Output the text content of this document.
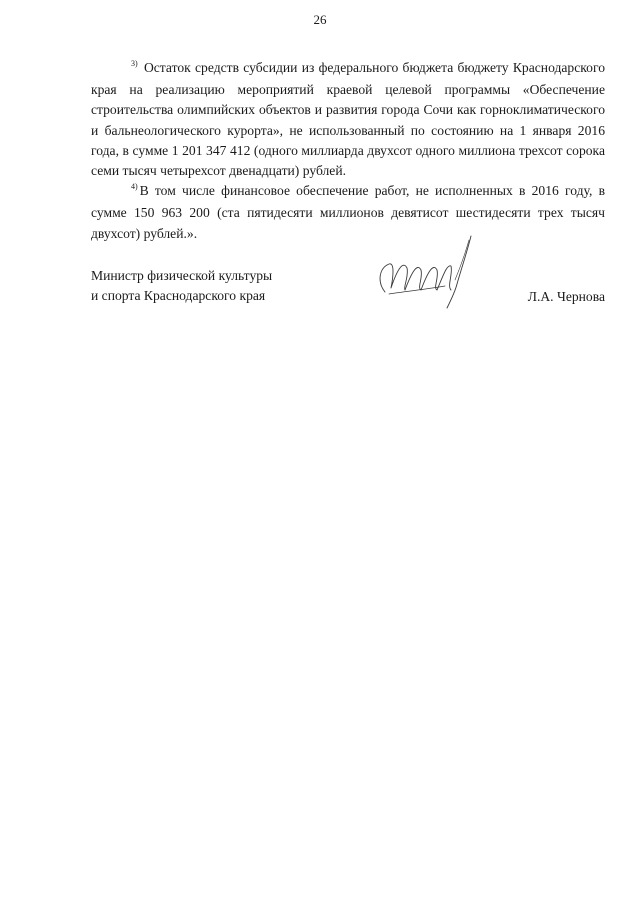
26

$^{3)}$ Остаток средств субсидии из федерального бюджета бюджету Краснодарского края на реализацию мероприятий краевой целевой программы «Обеспечение строительства олимпийских объектов и развития города Сочи как горноклиматического и бальнеологического курорта», не использованный по состоянию на 1 января 2016 года, в сумме 1 201 347 412 (одного миллиарда двухсот одного миллиона трехсот сорока семи тысяч четырехсот двенадцати) рублей.

$^{4)}$ В том числе финансовое обеспечение работ, не исполненных в 2016 году, в сумме 150 963 200 (ста пятидесяти миллионов девятисот шестидесяти трех тысяч двухсот) рублей.».

Министр физической культуры
и спорта Краснодарского края	Л.А. Чернова
